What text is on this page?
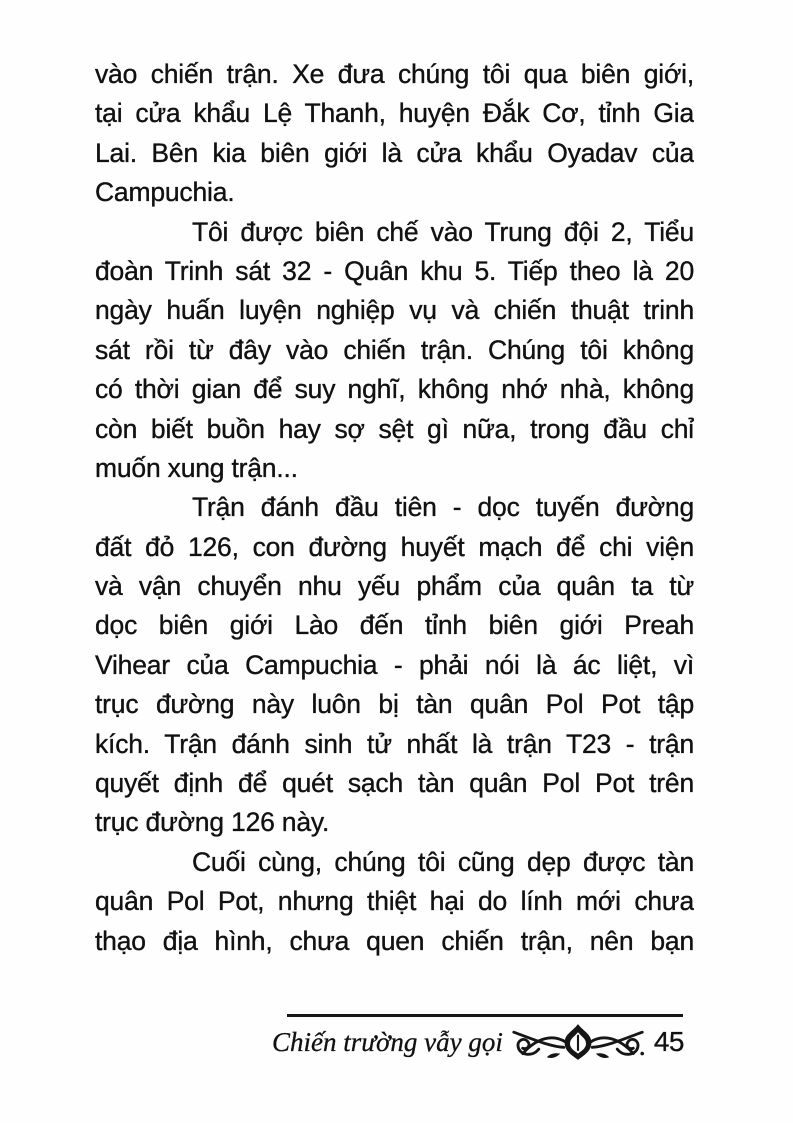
vào chiến trận. Xe đưa chúng tôi qua biên giới,
tại cửa khẩu Lệ Thanh, huyện Đắk Cơ, tỉnh Gia
Lai. Bên kia biên giới là cửa khẩu Oyadav của
Campuchia.
Tôi được biên chế vào Trung đội 2, Tiểu
đoàn Trinh sát 32 - Quân khu 5. Tiếp theo là 20
ngày huấn luyện nghiệp vụ và chiến thuật trinh
sát rồi từ đây vào chiến trận. Chúng tôi không
có thời gian để suy nghĩ, không nhớ nhà, không
còn biết buồn hay sợ sệt gì nữa, trong đầu chỉ
muốn xung trận...
Trận đánh đầu tiên - dọc tuyến đường
đất đỏ 126, con đường huyết mạch để chi viện
và vận chuyển nhu yếu phẩm của quân ta từ
dọc biên giới Lào đến tỉnh biên giới Preah
Vihear của Campuchia - phải nói là ác liệt, vì
trục đường này luôn bị tàn quân Pol Pot tập
kích. Trận đánh sinh tử nhất là trận T23 - trận
quyết định để quét sạch tàn quân Pol Pot trên
trục đường 126 này.
Cuối cùng, chúng tôi cũng dẹp được tàn
quân Pol Pot, nhưng thiệt hại do lính mới chưa
thạo địa hình, chưa quen chiến trận, nên bạn
Chiến trường vẫy gọi	45
